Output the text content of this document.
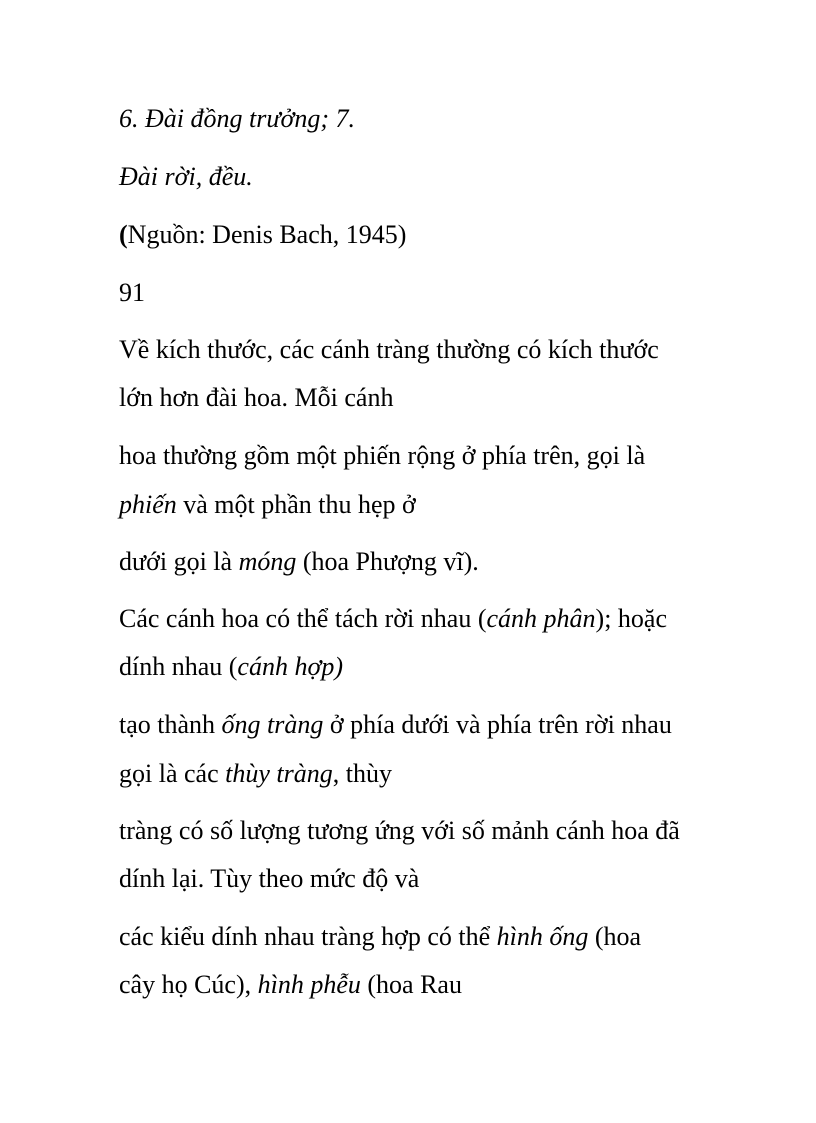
6. Đài đồng trưởng; 7.
Đài rời, đều.
(Nguồn: Denis Bach, 1945)
91
Về kích thước, các cánh tràng thường có kích thước
lớn hơn đài hoa. Mỗi cánh
hoa thường gồm một phiến rộng ở phía trên, gọi là
phiến và một phần thu hẹp ở
dưới gọi là móng (hoa Phượng vĩ).
Các cánh hoa có thể tách rời nhau (cánh phân); hoặc
dính nhau (cánh hợp)
tạo thành ống tràng ở phía dưới và phía trên rời nhau
gọi là các thùy tràng, thùy
tràng có số lượng tương ứng với số mảnh cánh hoa đã
dính lại. Tùy theo mức độ và
các kiểu dính nhau tràng hợp có thể hình ống (hoa
cây họ Cúc), hình phễu (hoa Rau
